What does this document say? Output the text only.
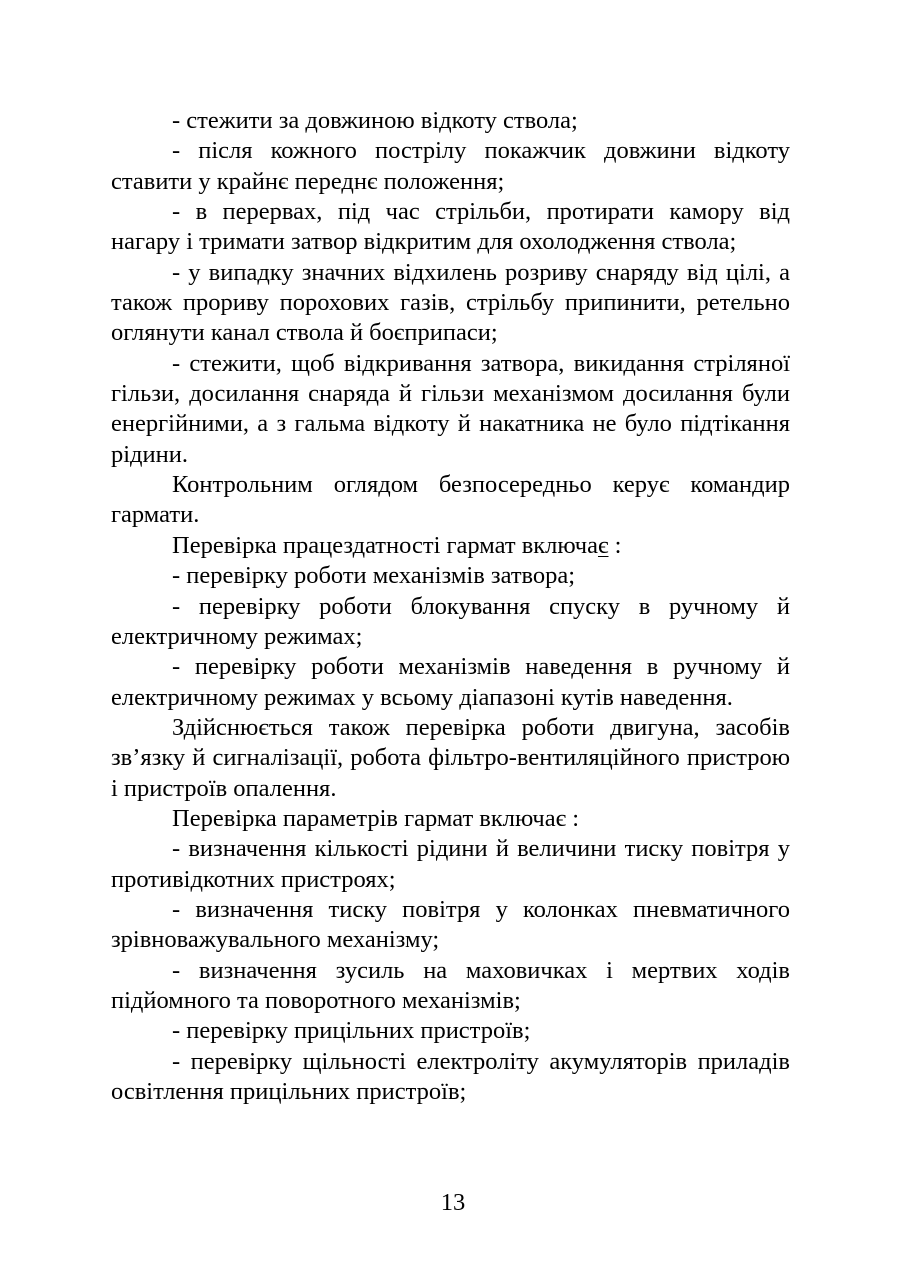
- стежити за довжиною відкоту ствола;

- після кожного пострілу покажчик довжини відкоту ставити у крайнє переднє положення;

- в перервах, під час стрільби, протирати камору від нагару і тримати затвор відкритим для охолодження ствола;

- у випадку значних відхилень розриву снаряду від цілі, а також прориву порохових газів, стрільбу припинити, ретельно оглянути канал ствола й боєприпаси;

- стежити, щоб відкривання затвора, викидання стріляної гільзи, досилання снаряда й гільзи механізмом досилання були енергійними, а з гальма відкоту й накатника не було підтікання рідини.

Контрольним оглядом безпосередньо керує командир гармати.

Перевірка працездатності гармат включає :

- перевірку роботи механізмів затвора;

- перевірку роботи блокування спуску в ручному й електричному режимах;

- перевірку роботи механізмів наведення в ручному й електричному режимах у всьому діапазоні кутів наведення.

Здійснюється також перевірка роботи двигуна, засобів зв’язку й сигналізації, робота фільтро-вентиляційного пристрою і пристроїв опалення.

Перевірка параметрів гармат включає :

- визначення кількості рідини й величини тиску повітря у противідкотних пристроях;

- визначення тиску повітря у колонках пневматичного зрівноважувального механізму;

- визначення зусиль на маховичках і мертвих ходів підйомного та поворотного механізмів;

- перевірку прицільних пристроїв;

- перевірку щільності електроліту акумуляторів приладів освітлення прицільних пристроїв;

13
